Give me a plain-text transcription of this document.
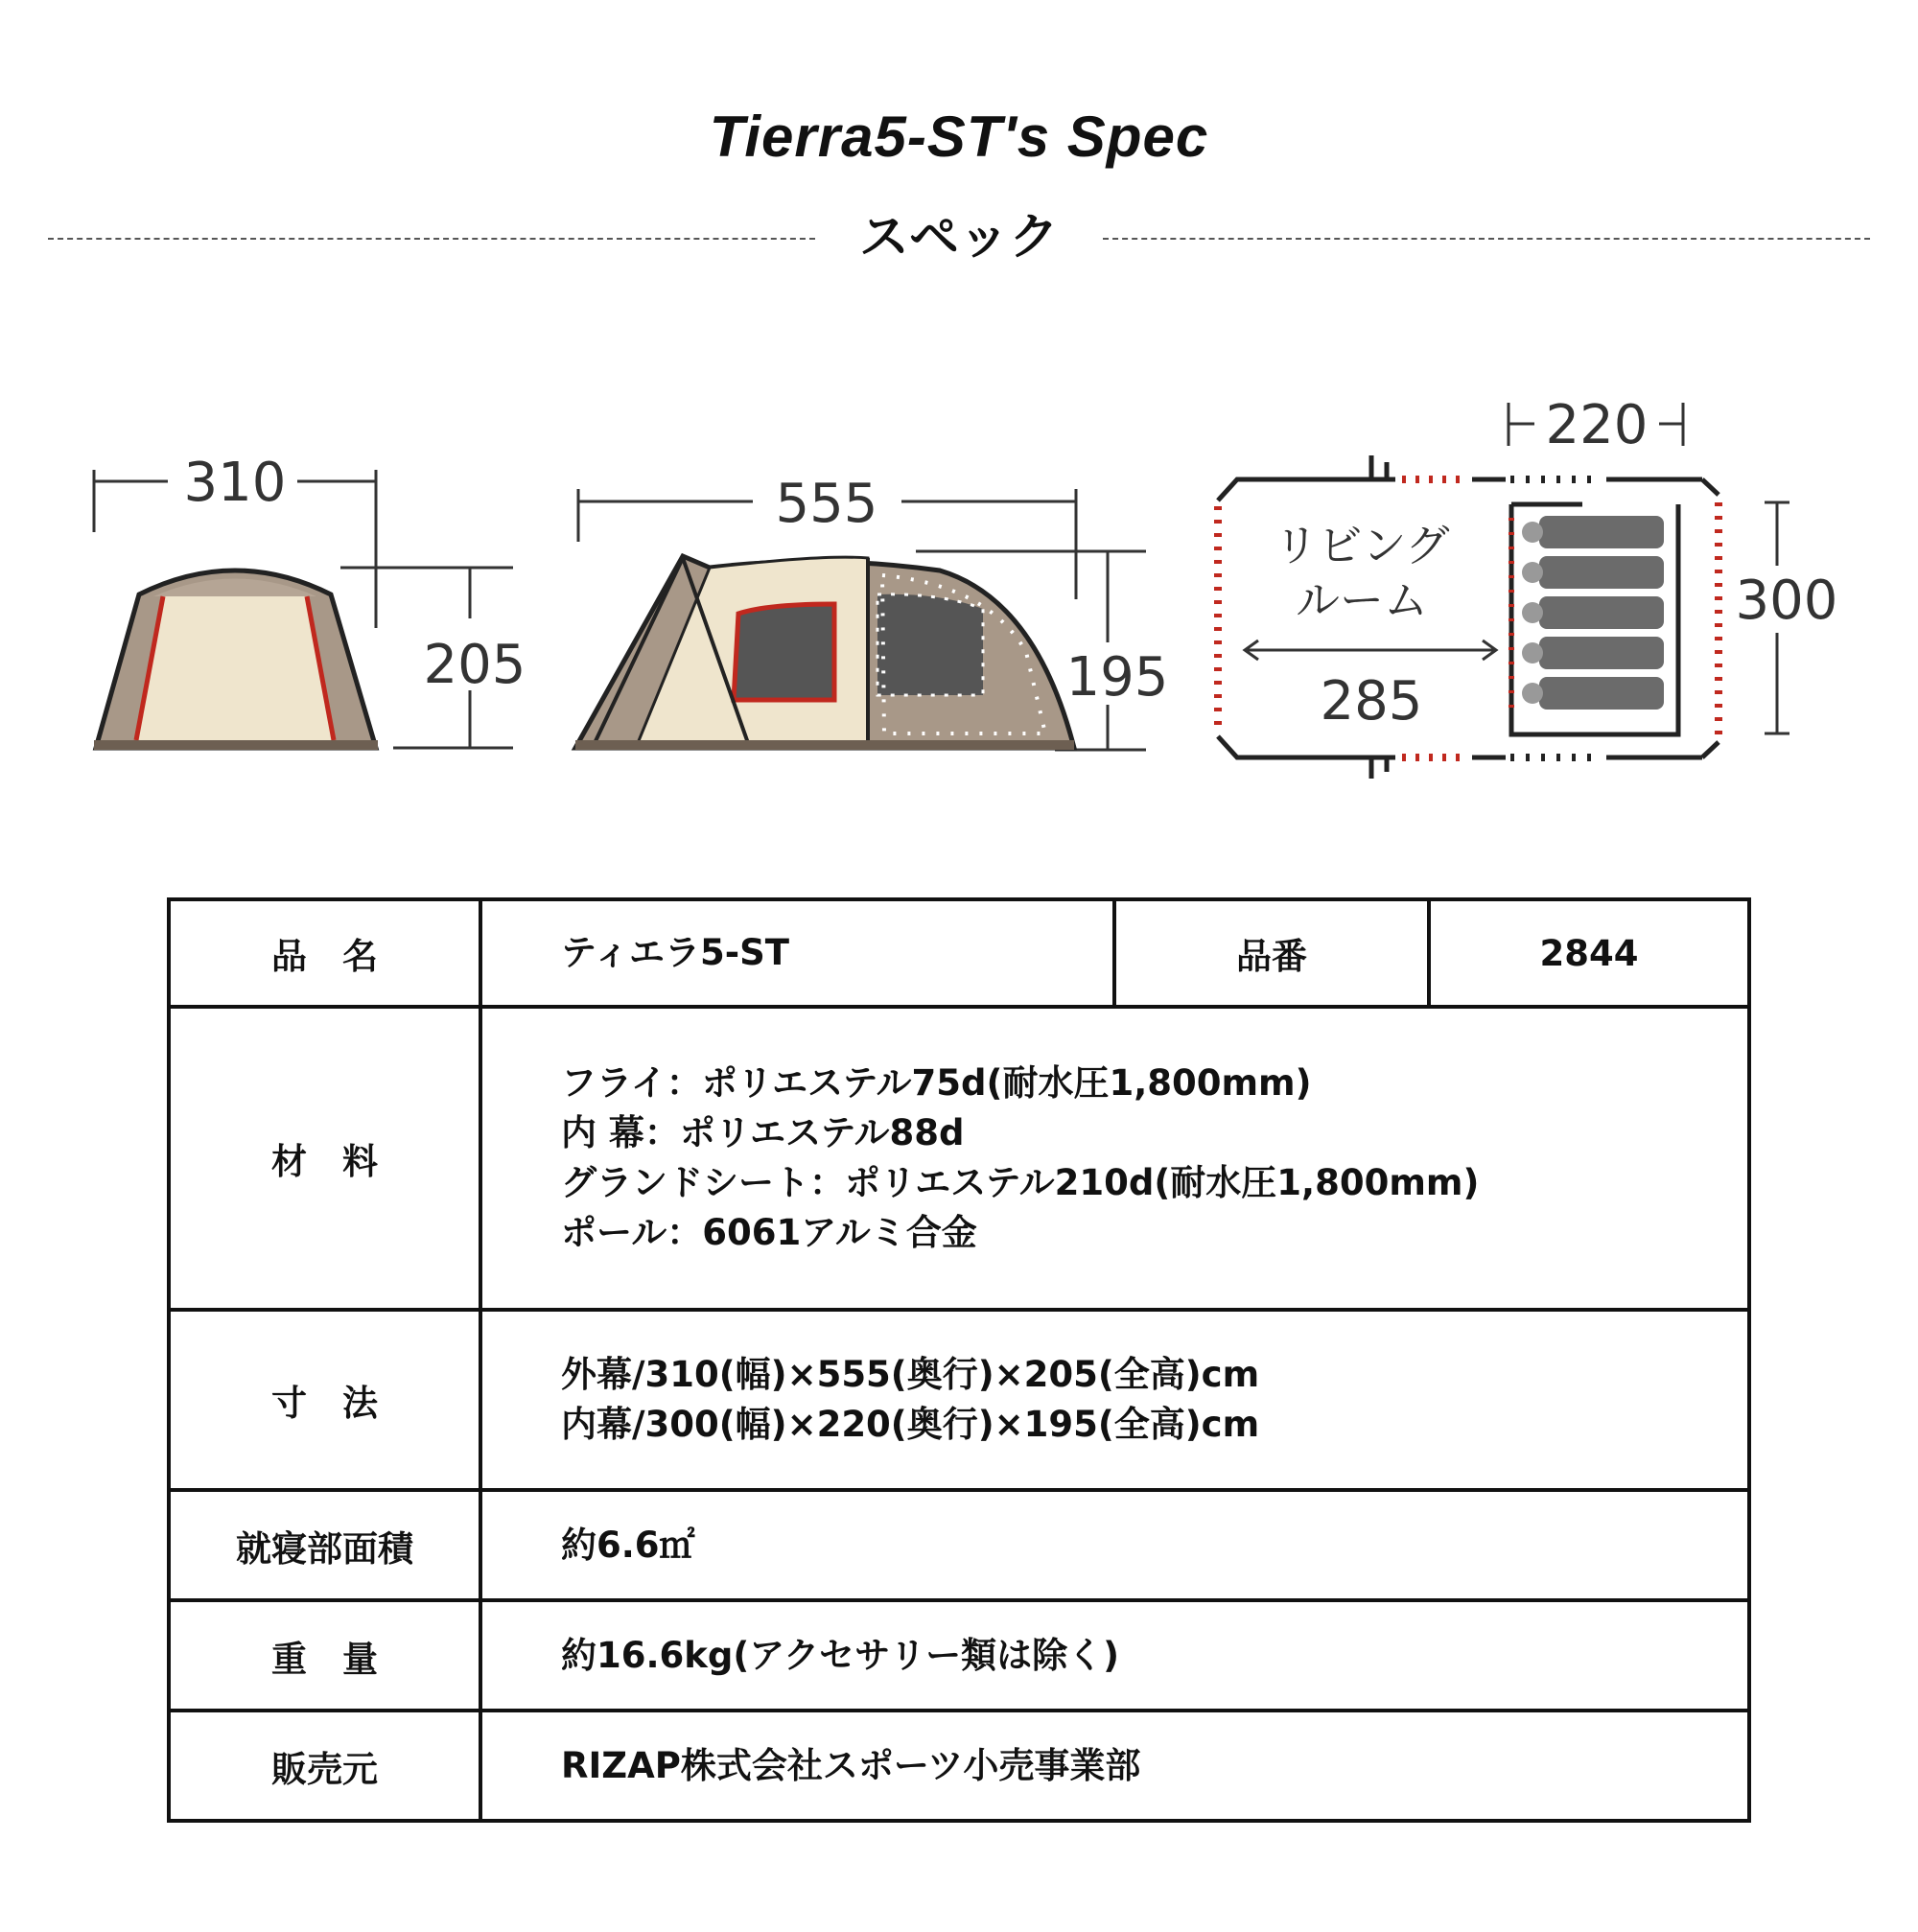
Tierra5-ST's Spec
スペック
310
205
555
195
220
300
リビング
ルーム
285
品　名	ティエラ5-ST	品番	2844
材　料	フライ：ポリエステル75d(耐水圧1,800mm)
内 幕：ポリエステル88d
グランドシート：ポリエステル210d(耐水圧1,800mm)
ポール：6061アルミ合金		

寸　法	外幕/310(幅)×555(奥行)×205(全高)cm
内幕/300(幅)×220(奥行)×195(全高)cm		

就寝部面積	約6.6㎡		
重　量	約16.6kg(アクセサリー類は除く)		
販売元	RIZAP株式会社スポーツ小売事業部		
